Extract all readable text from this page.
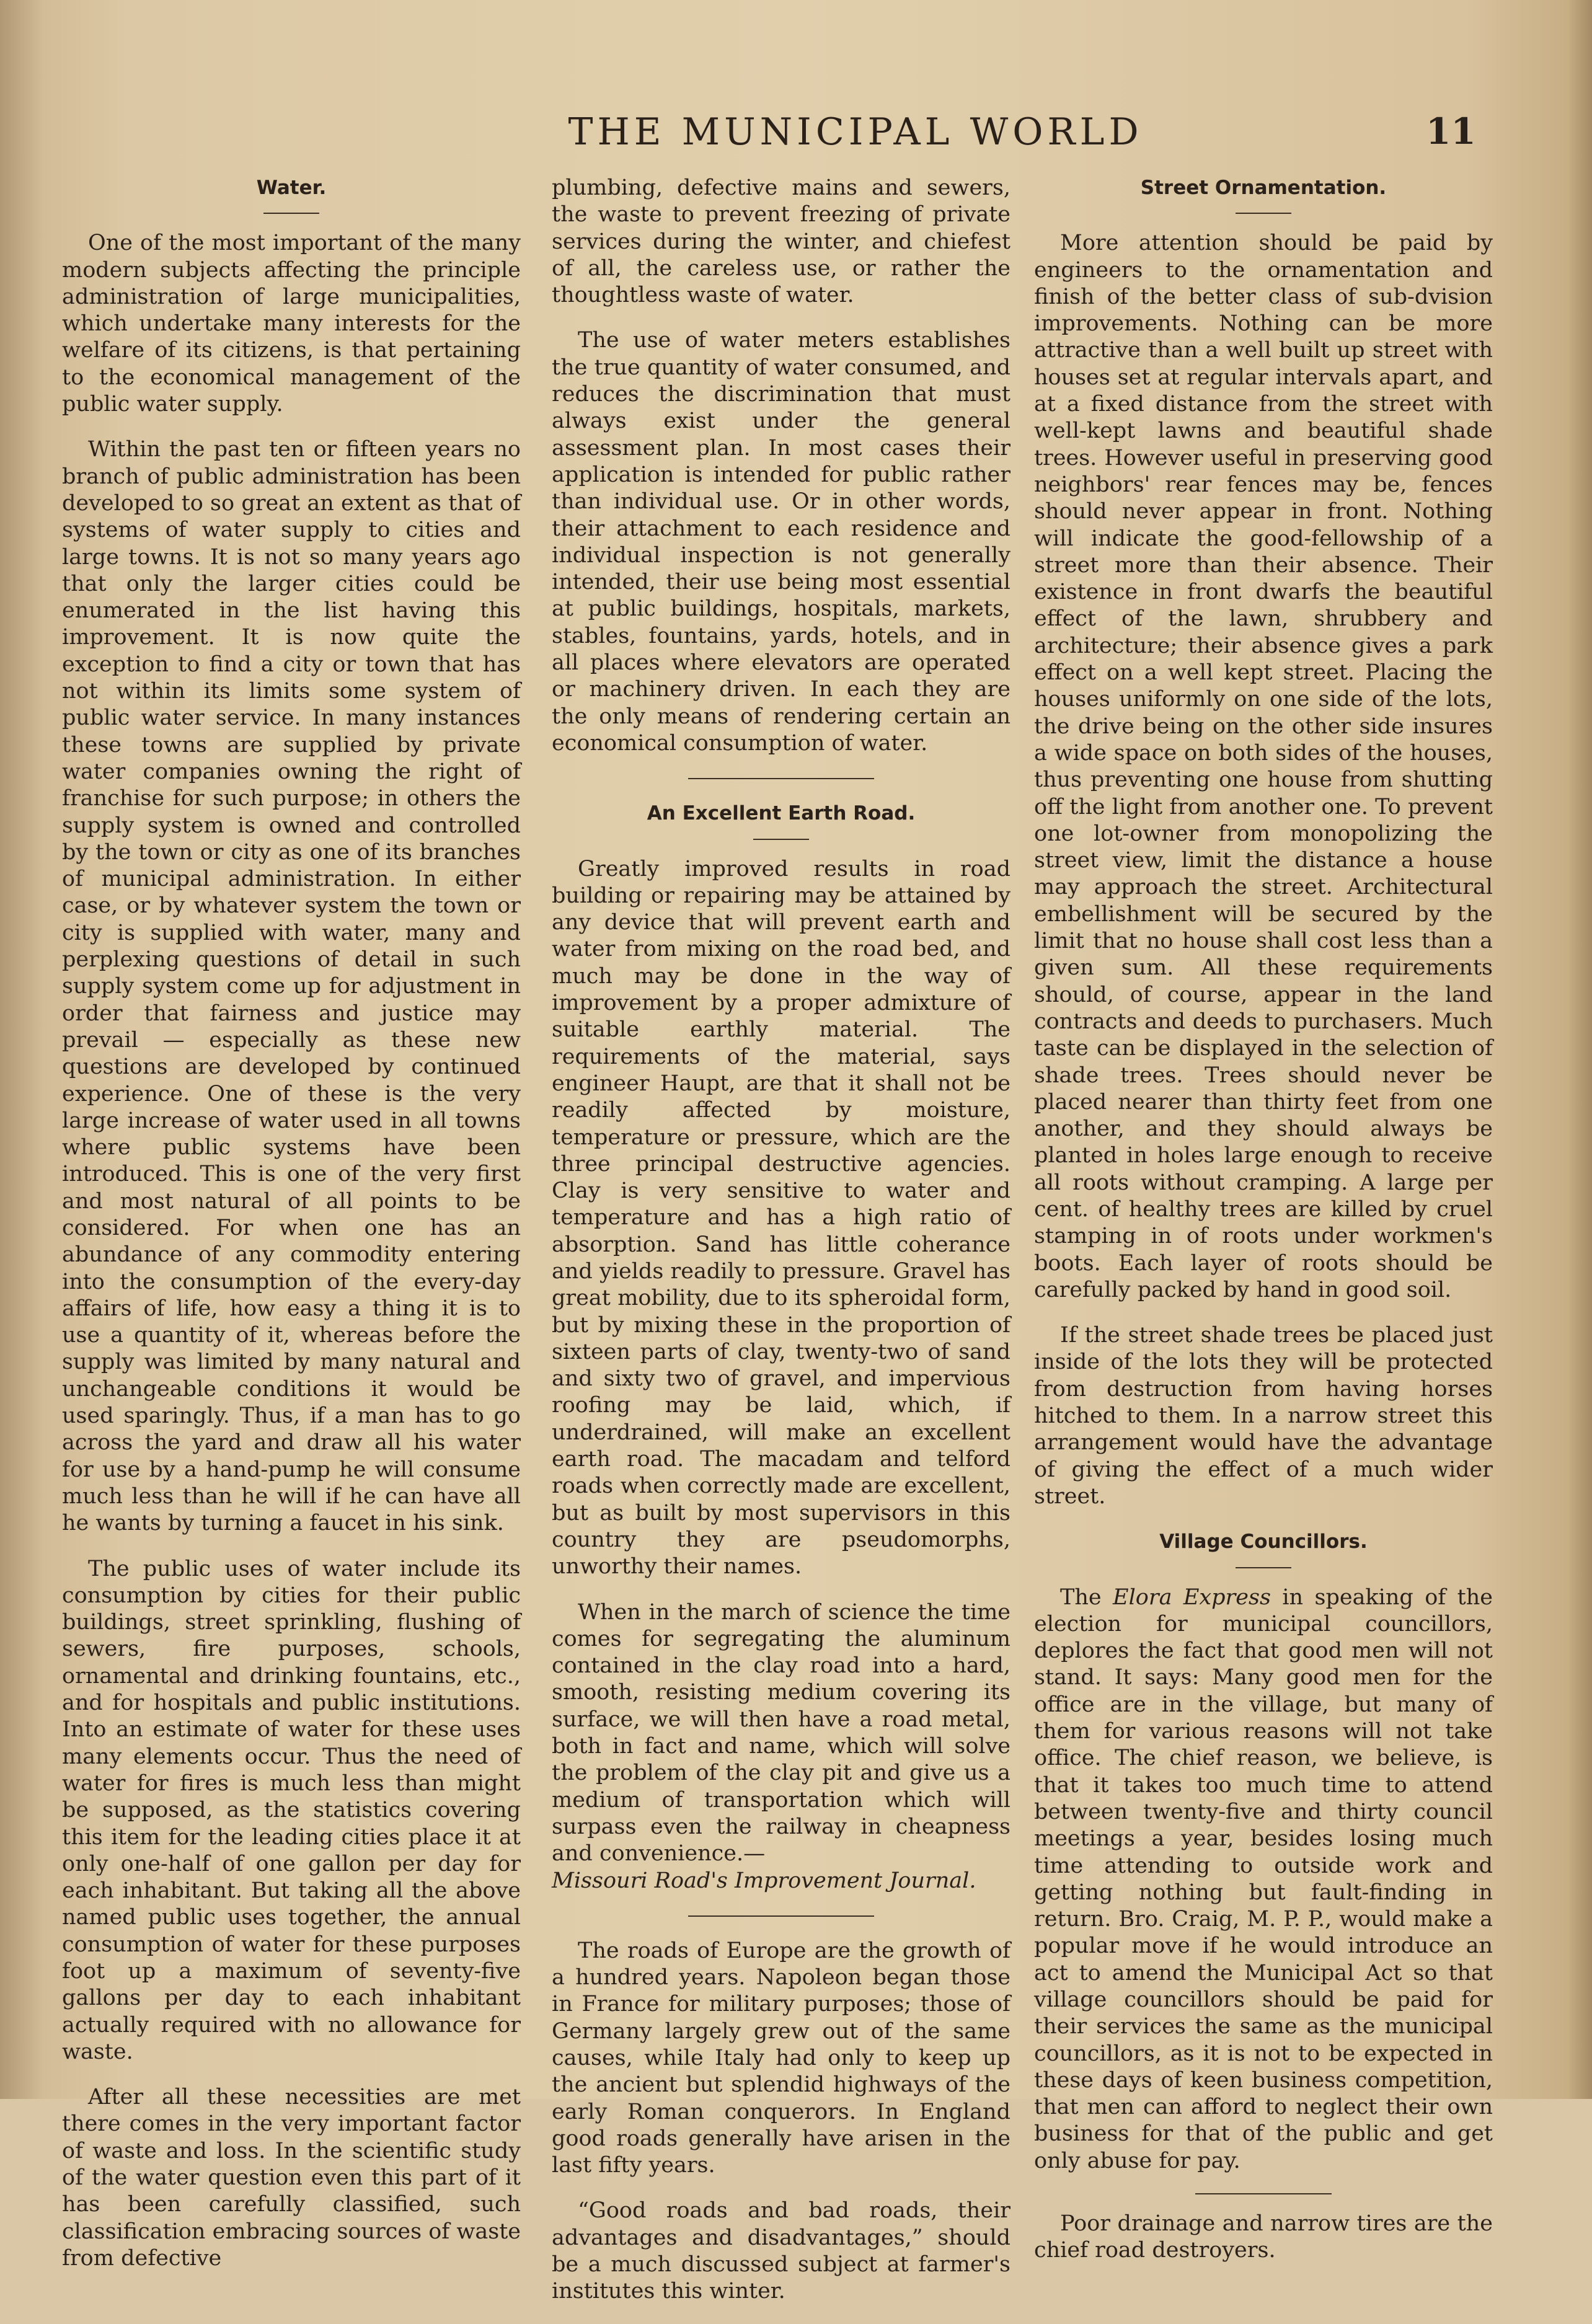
THE MUNICIPAL WORLD	11
Water.

One of the most important of the many modern subjects affecting the principle administration of large municipalities, which undertake many interests for the welfare of its citizens, is that pertaining to the economical management of the public water supply.

Within the past ten or fifteen years no branch of public administration has been developed to so great an extent as that of systems of water supply to cities and large towns. It is not so many years ago that only the larger cities could be enumerated in the list having this improvement. It is now quite the exception to find a city or town that has not within its limits some system of public water service. In many instances these towns are supplied by private water companies owning the right of franchise for such purpose; in others the supply system is owned and controlled by the town or city as one of its branches of municipal administration. In either case, or by whatever system the town or city is supplied with water, many and perplexing questions of detail in such supply system come up for adjustment in order that fairness and justice may prevail — especially as these new questions are developed by continued experience. One of these is the very large increase of water used in all towns where public systems have been introduced. This is one of the very first and most natural of all points to be considered. For when one has an abundance of any commodity entering into the consumption of the every-day affairs of life, how easy a thing it is to use a quantity of it, whereas before the supply was limited by many natural and unchangeable conditions it would be used sparingly. Thus, if a man has to go across the yard and draw all his water for use by a hand-pump he will consume much less than he will if he can have all he wants by turning a faucet in his sink.

The public uses of water include its consumption by cities for their public buildings, street sprinkling, flushing of sewers, fire purposes, schools, ornamental and drinking fountains, etc., and for hospitals and public institutions. Into an estimate of water for these uses many elements occur. Thus the need of water for fires is much less than might be supposed, as the statistics covering this item for the leading cities place it at only one-half of one gallon per day for each inhabitant. But taking all the above named public uses together, the annual consumption of water for these purposes foot up a maximum of seventy-five gallons per day to each inhabitant actually required with no allowance for waste.

After all these necessities are met there comes in the very important factor of waste and loss. In the scientific study of the water question even this part of it has been carefully classified, such classification embracing sources of waste from defective

plumbing, defective mains and sewers, the waste to prevent freezing of private services during the winter, and chiefest of all, the careless use, or rather the thoughtless waste of water.

The use of water meters establishes the true quantity of water consumed, and reduces the discrimination that must always exist under the general assessment plan. In most cases their application is intended for public rather than individual use. Or in other words, their attachment to each residence and individual inspection is not generally intended, their use being most essential at public buildings, hospitals, markets, stables, fountains, yards, hotels, and in all places where elevators are operated or machinery driven. In each they are the only means of rendering certain an economical consumption of water.

An Excellent Earth Road.

Greatly improved results in road building or repairing may be attained by any device that will prevent earth and water from mixing on the road bed, and much may be done in the way of improvement by a proper admixture of suitable earthly material. The requirements of the material, says engineer Haupt, are that it shall not be readily affected by moisture, temperature or pressure, which are the three principal destructive agencies. Clay is very sensitive to water and temperature and has a high ratio of absorption. Sand has little coherance and yields readily to pressure. Gravel has great mobility, due to its spheroidal form, but by mixing these in the proportion of sixteen parts of clay, twenty-two of sand and sixty two of gravel, and impervious roofing may be laid, which, if underdrained, will make an excellent earth road. The macadam and telford roads when correctly made are excellent, but as built by most supervisors in this country they are pseudomorphs, unworthy their names.

When in the march of science the time comes for segregating the aluminum contained in the clay road into a hard, smooth, resisting medium covering its surface, we will then have a road metal, both in fact and name, which will solve the problem of the clay pit and give us a medium of transportation which will surpass even the railway in cheapness and convenience.—

Missouri Road's Improvement Journal.

The roads of Europe are the growth of a hundred years. Napoleon began those in France for military purposes; those of Germany largely grew out of the same causes, while Italy had only to keep up the ancient but splendid highways of the early Roman conquerors. In England good roads generally have arisen in the last fifty years.

“Good roads and bad roads, their advantages and disadvantages,” should be a much discussed subject at farmer's institutes this winter.

Street Ornamentation.

More attention should be paid by engineers to the ornamentation and finish of the better class of sub-dvision improvements. Nothing can be more attractive than a well built up street with houses set at regular intervals apart, and at a fixed distance from the street with well-kept lawns and beautiful shade trees. However useful in preserving good neighbors' rear fences may be, fences should never appear in front. Nothing will indicate the good-fellowship of a street more than their absence. Their existence in front dwarfs the beautiful effect of the lawn, shrubbery and architecture; their absence gives a park effect on a well kept street. Placing the houses uniformly on one side of the lots, the drive being on the other side insures a wide space on both sides of the houses, thus preventing one house from shutting off the light from another one. To prevent one lot-owner from monopolizing the street view, limit the distance a house may approach the street. Architectural embellishment will be secured by the limit that no house shall cost less than a given sum. All these requirements should, of course, appear in the land contracts and deeds to purchasers. Much taste can be displayed in the selection of shade trees. Trees should never be placed nearer than thirty feet from one another, and they should always be planted in holes large enough to receive all roots without cramping. A large per cent. of healthy trees are killed by cruel stamping in of roots under workmen's boots. Each layer of roots should be carefully packed by hand in good soil.

If the street shade trees be placed just inside of the lots they will be protected from destruction from having horses hitched to them. In a narrow street this arrangement would have the advantage of giving the effect of a much wider street.

Village Councillors.

The Elora Express in speaking of the election for municipal councillors, deplores the fact that good men will not stand. It says: Many good men for the office are in the village, but many of them for various reasons will not take office. The chief reason, we believe, is that it takes too much time to attend between twenty-five and thirty council meetings a year, besides losing much time attending to outside work and getting nothing but fault-finding in return. Bro. Craig, M. P. P., would make a popular move if he would introduce an act to amend the Municipal Act so that village councillors should be paid for their services the same as the municipal councillors, as it is not to be expected in these days of keen business competition, that men can afford to neglect their own business for that of the public and get only abuse for pay.

Poor drainage and narrow tires are the chief road destroyers.
